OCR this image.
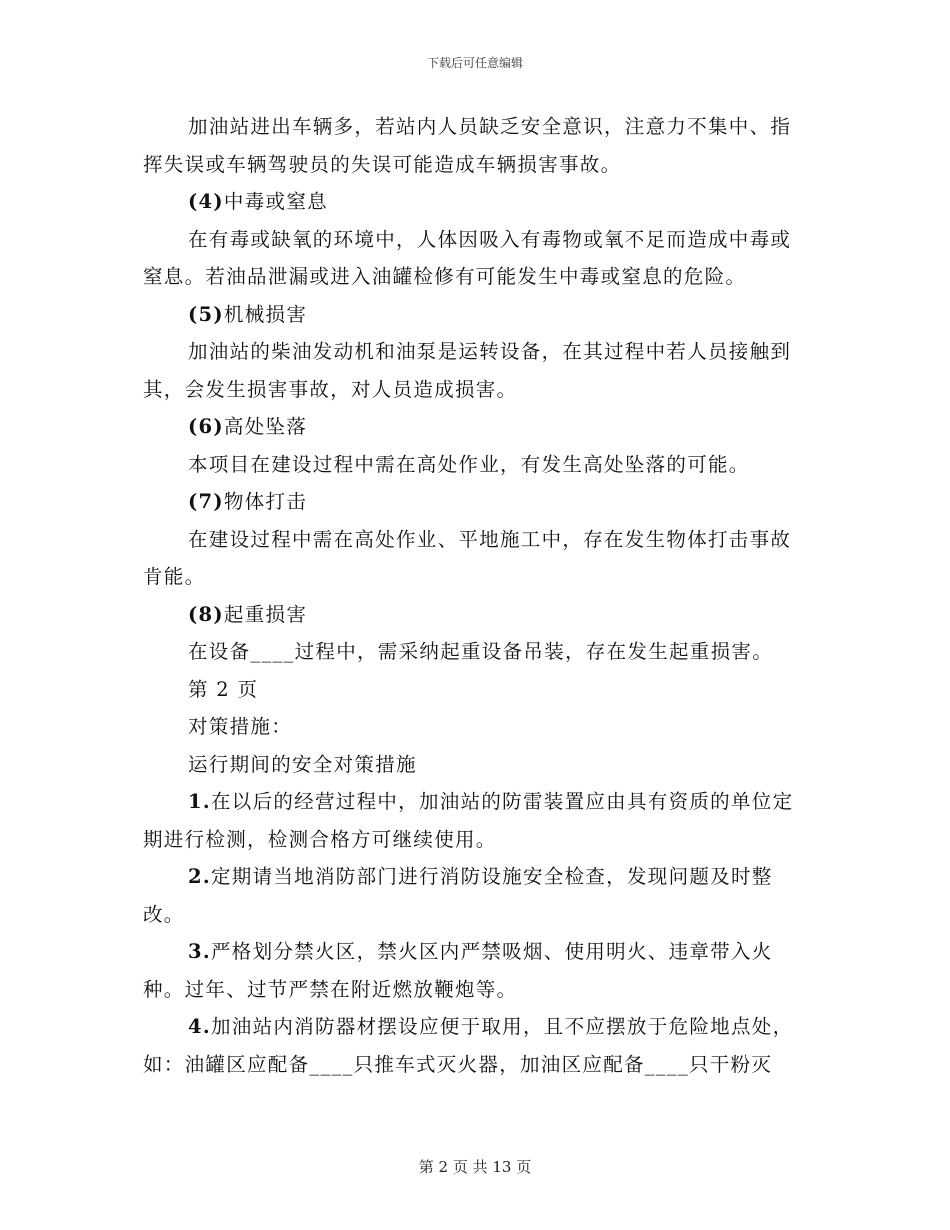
下载后可任意编辑

加油站进出车辆多，若站内人员缺乏安全意识，注意力不集中、指挥失误或车辆驾驶员的失误可能造成车辆损害事故。

(4)中毒或窒息

在有毒或缺氧的环境中，人体因吸入有毒物或氧不足而造成中毒或窒息。若油品泄漏或进入油罐检修有可能发生中毒或窒息的危险。

(5)机械损害

加油站的柴油发动机和油泵是运转设备，在其过程中若人员接触到其，会发生损害事故，对人员造成损害。

(6)高处坠落

本项目在建设过程中需在高处作业，有发生高处坠落的可能。

(7)物体打击

在建设过程中需在高处作业、平地施工中，存在发生物体打击事故肯能。

(8)起重损害

在设备____过程中，需采纳起重设备吊装，存在发生起重损害。

第 2 页

对策措施：

运行期间的安全对策措施

1.在以后的经营过程中，加油站的防雷装置应由具有资质的单位定期进行检测，检测合格方可继续使用。

2.定期请当地消防部门进行消防设施安全检查，发现问题及时整改。

3.严格划分禁火区，禁火区内严禁吸烟、使用明火、违章带入火种。过年、过节严禁在附近燃放鞭炮等。

4.加油站内消防器材摆设应便于取用，且不应摆放于危险地点处，如：油罐区应配备____只推车式灭火器，加油区应配备____只干粉灭

第 2 页 共 13 页
